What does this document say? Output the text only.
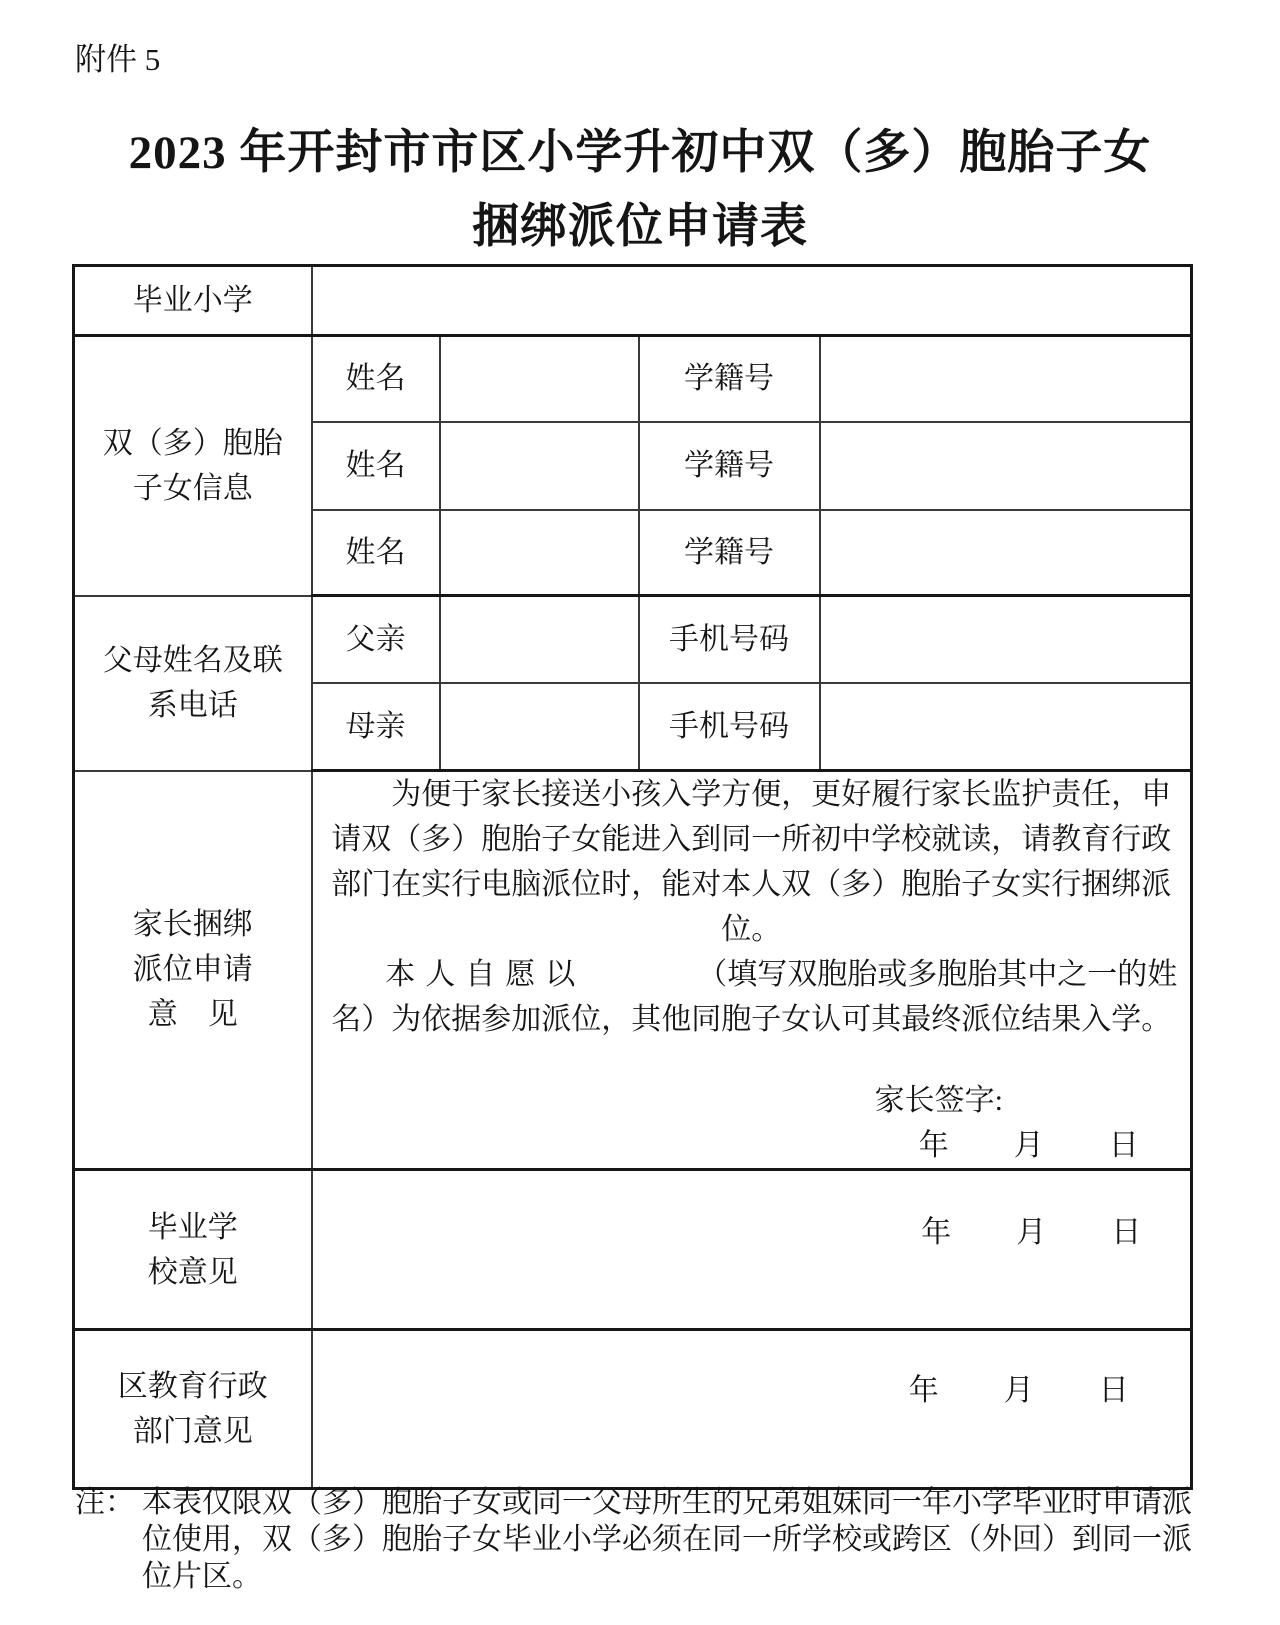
附件 5
2023 年开封市市区小学升初中双（多）胞胎子女
捆绑派位申请表
毕业小学				

双（多）胞胎
子女信息	姓名		学籍号	
	姓名		学籍号	
	姓名		学籍号	

父母姓名及联
系电话	父亲		手机号码	
	母亲		手机号码	

家长捆绑
派位申请
意　见

为便于家长接送小孩入学方便，更好履行家长监护责任，申
请双（多）胞胎子女能进入到同一所初中学校就读，请教育行政
部门在实行电脑派位时，能对本人双（多）胞胎子女实行捆绑派
位。
本人自愿以	（填写双胞胎或多胞胎其中之一的姓
名）为依据参加派位，其他同胞子女认可其最终派位结果入学。
家长签字:
年 月 日

毕业学
校意见	年 月 日			

区教育行政
部门意见	年 月 日			
注： 本表仅限双（多）胞胎子女或同一父母所生的兄弟姐妹同一年小学毕业时申请派
位使用，双（多）胞胎子女毕业小学必须在同一所学校或跨区（外回）到同一派
位片区。
